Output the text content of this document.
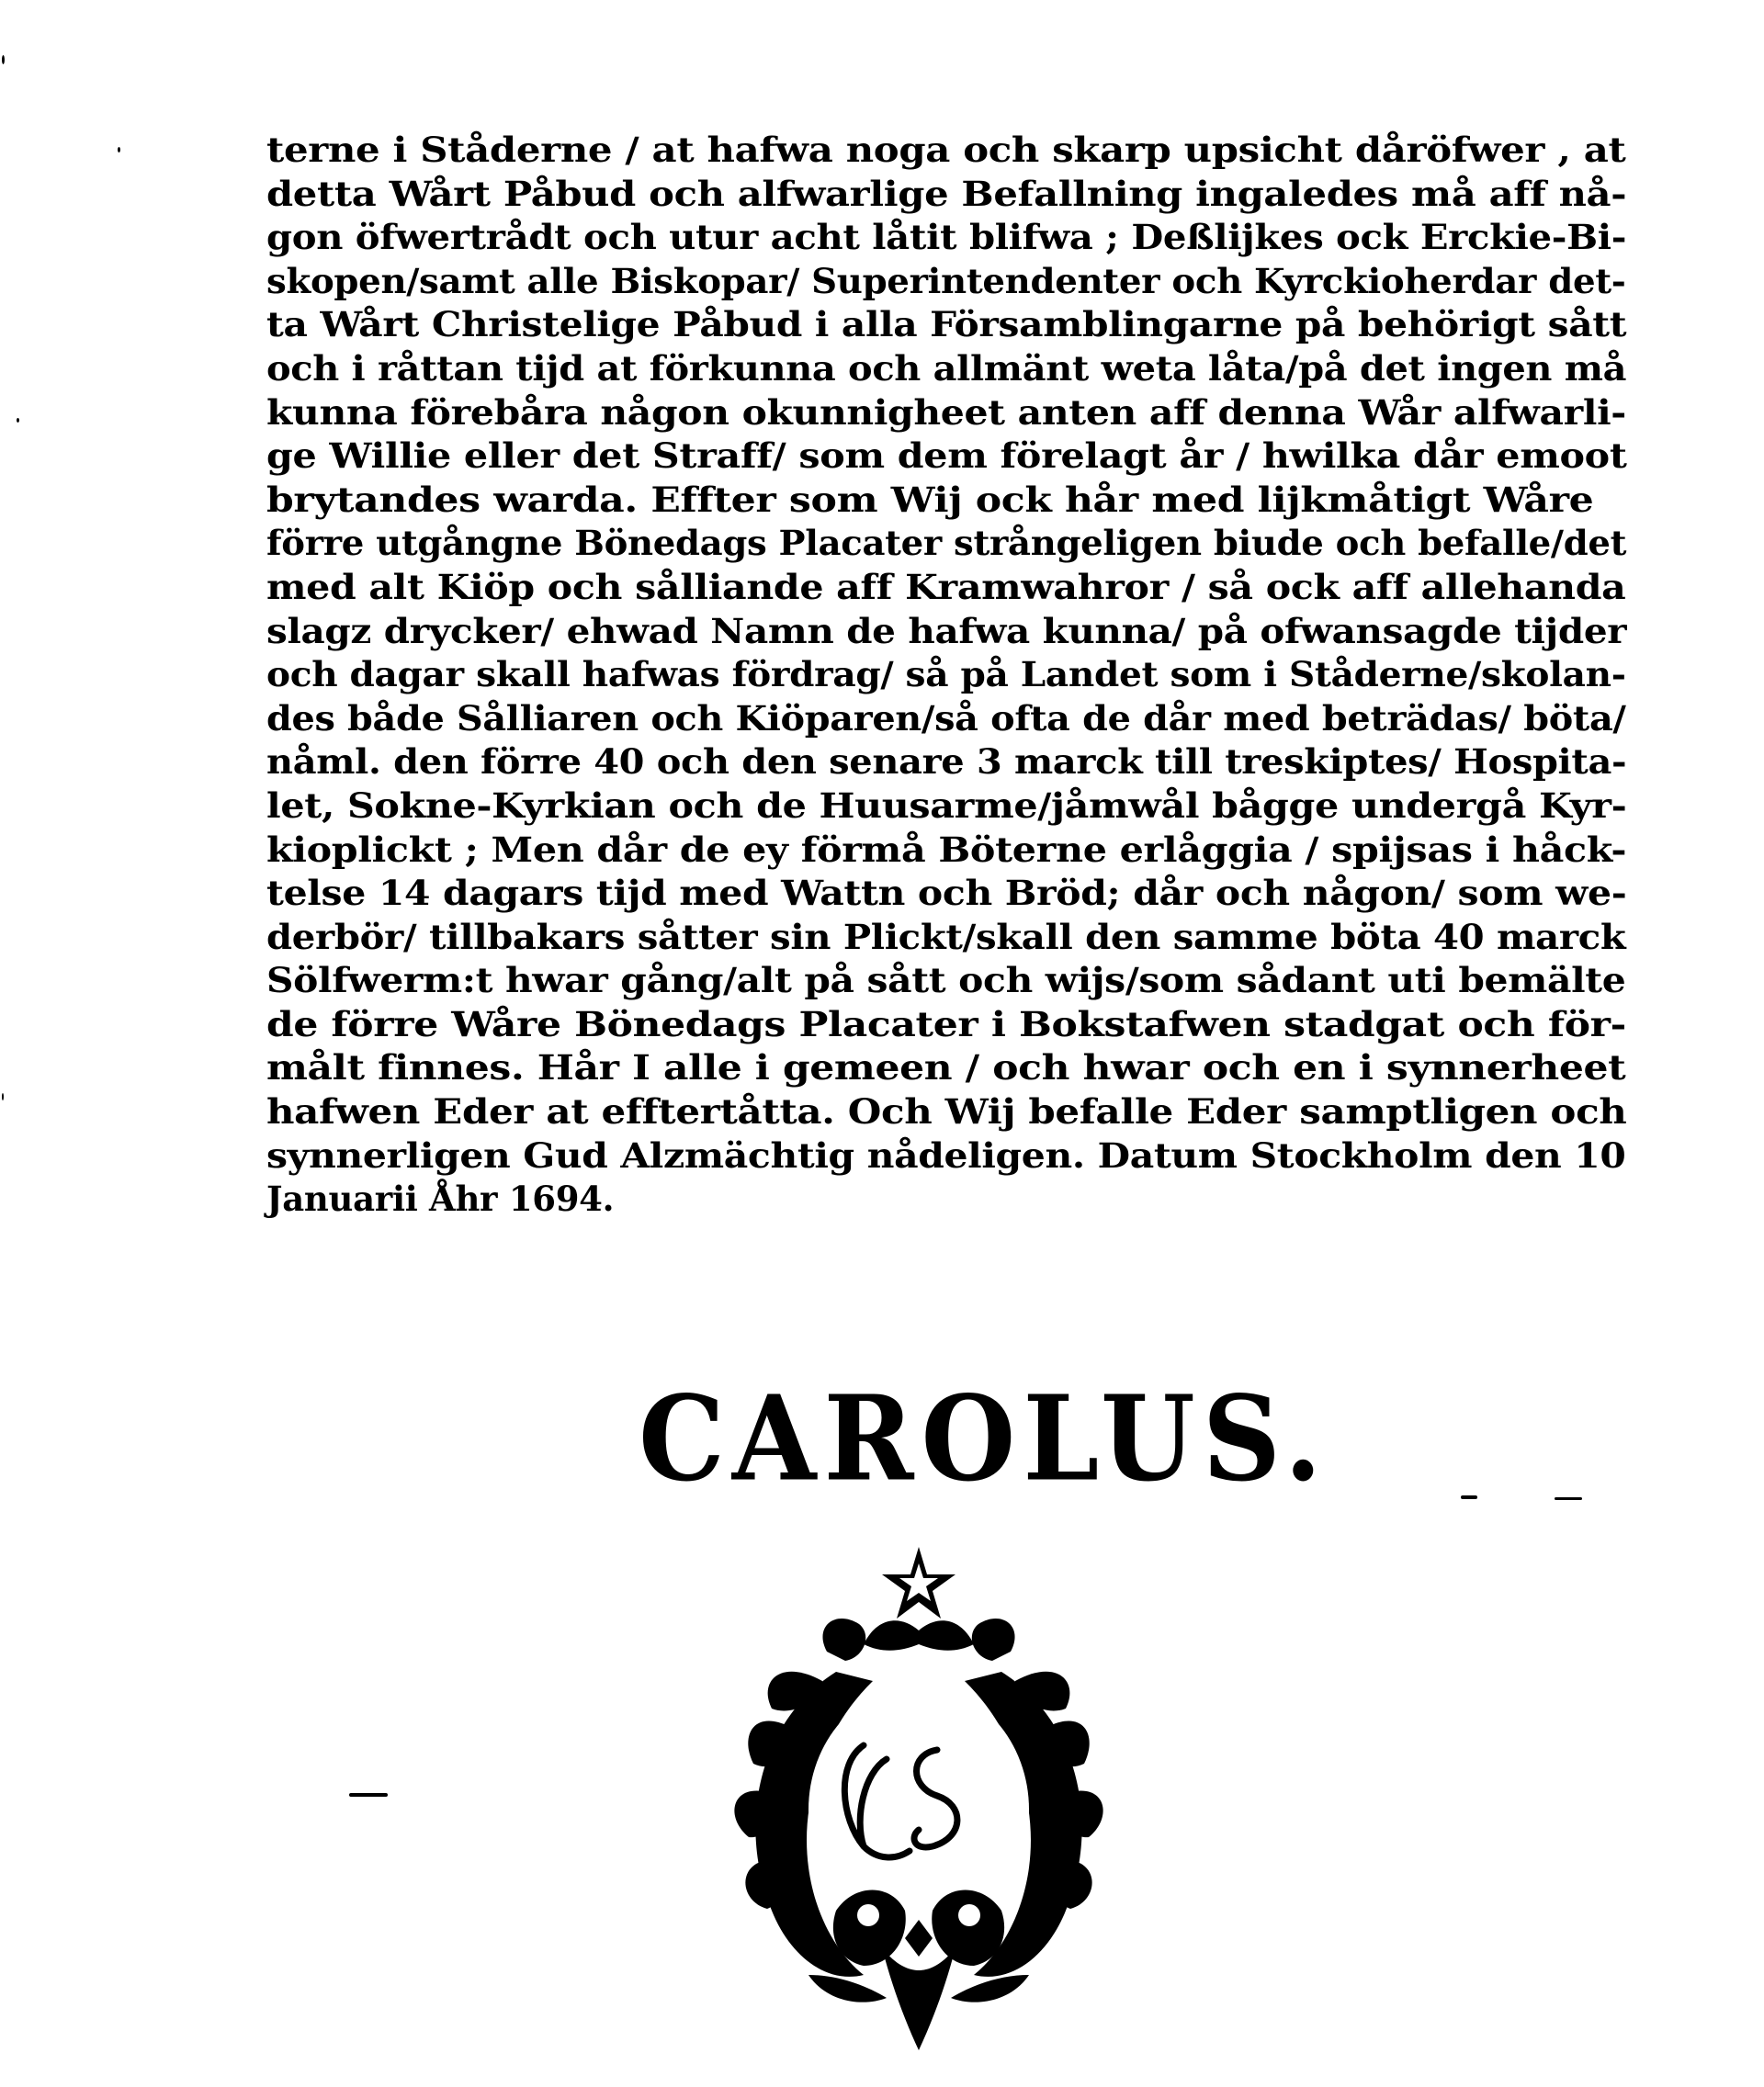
terne i Ståderne / at hafwa noga och skarp upsicht dåröfwer , at
detta Wårt Påbud och alfwarlige Befallning ingaledes må aff nå-
gon öfwertrådt och utur acht låtit blifwa ; Deßlijkes ock Erckie-Bi-
skopen/samt alle Biskopar/ Superintendenter och Kyrckioherdar det-
ta Wårt Christelige Påbud i alla Församblingarne på behörigt sått
och i råttan tijd at förkunna och allmänt weta låta/på det ingen må
kunna förebåra någon okunnigheet anten aff denna Wår alfwarli-
ge Willie eller det Straff/ som dem förelagt år / hwilka dår emoot
brytandes warda. Effter som Wij ock hår med lijkmåtigt Wåre
förre utgångne Bönedags Placater strångeligen biude och befalle/det
med alt Kiöp och sålliande aff Kramwahror / så ock aff allehanda
slagz drycker/ ehwad Namn de hafwa kunna/ på ofwansagde tijder
och dagar skall hafwas fördrag/ så på Landet som i Ståderne/skolan-
des både Sålliaren och Kiöparen/så ofta de dår med beträdas/ böta/
nåml. den förre 40 och den senare 3 marck till treskiptes/ Hospita-
let, Sokne-Kyrkian och de Huusarme/jåmwål bågge undergå Kyr-
kioplickt ; Men dår de ey förmå Böterne erlåggia / spijsas i håck-
telse 14 dagars tijd med Wattn och Bröd; dår och någon/ som we-
derbör/ tillbakars såtter sin Plickt/skall den samme böta 40 marck
Sölfwerm:t hwar gång/alt på sått och wijs/som sådant uti bemälte
de förre Wåre Bönedags Placater i Bokstafwen stadgat och för-
målt finnes. Hår I alle i gemeen / och hwar och en i synnerheet
hafwen Eder at efftertåtta. Och Wij befalle Eder samptligen och
synnerligen Gud Alzmächtig nådeligen. Datum Stockholm den 10
Januarii Åhr 1694.
CAROLUS.
